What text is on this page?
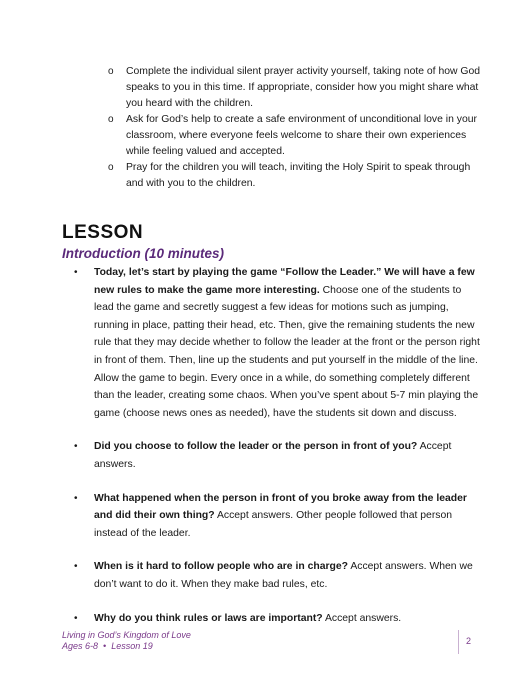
o Complete the individual silent prayer activity yourself, taking note of how God speaks to you in this time. If appropriate, consider how you might share what you heard with the children.
o Ask for God’s help to create a safe environment of unconditional love in your classroom, where everyone feels welcome to share their own experiences while feeling valued and accepted.
o Pray for the children you will teach, inviting the Holy Spirit to speak through and with you to the children.
LESSON
Introduction (10 minutes)
• Today, let’s start by playing the game “Follow the Leader.” We will have a few new rules to make the game more interesting. Choose one of the students to lead the game and secretly suggest a few ideas for motions such as jumping, running in place, patting their head, etc. Then, give the remaining students the new rule that they may decide whether to follow the leader at the front or the person right in front of them. Then, line up the students and put yourself in the middle of the line. Allow the game to begin. Every once in a while, do something completely different than the leader, creating some chaos. When you’ve spent about 5-7 min playing the game (choose news ones as needed), have the students sit down and discuss.
• Did you choose to follow the leader or the person in front of you? Accept answers.
• What happened when the person in front of you broke away from the leader and did their own thing? Accept answers. Other people followed that person instead of the leader.
• When is it hard to follow people who are in charge? Accept answers. When we don’t want to do it. When they make bad rules, etc.
• Why do you think rules or laws are important? Accept answers.
Living in God’s Kingdom of Love
Ages 6-8 • Lesson 19	2
